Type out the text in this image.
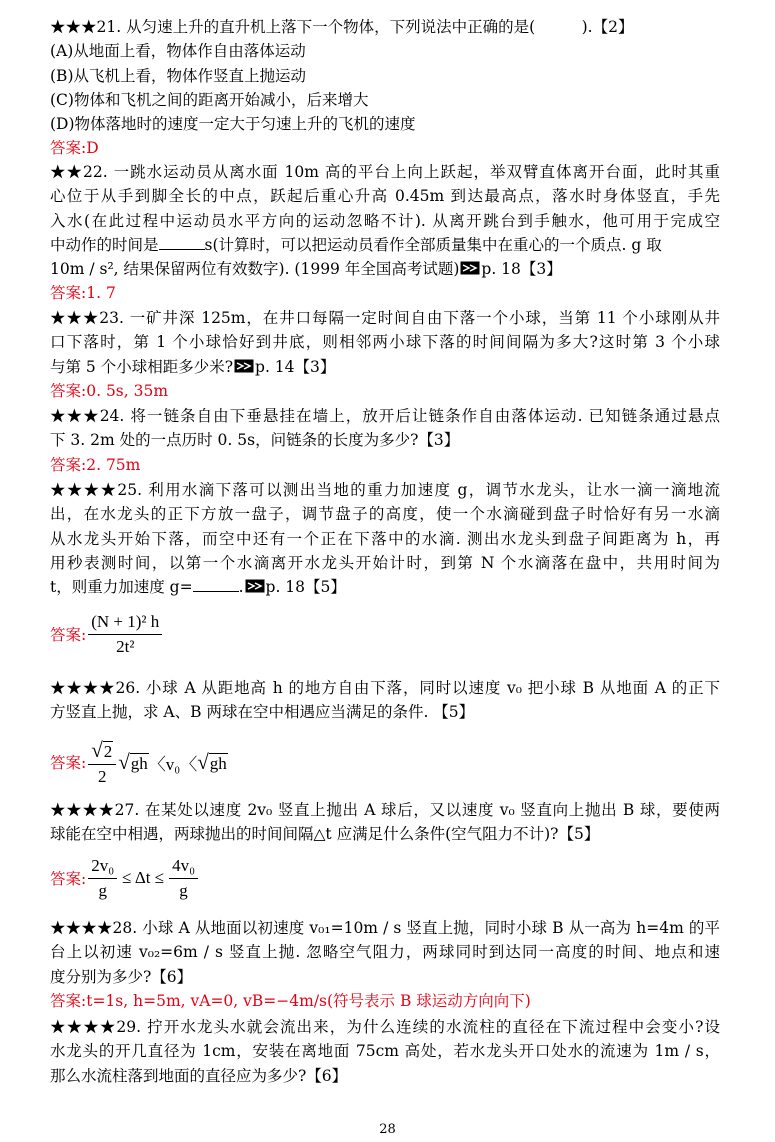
★★★21. 从匀速上升的直升机上落下一个物体，下列说法中正确的是(　　　).【2】
(A)从地面上看，物体作自由落体运动
(B)从飞机上看，物体作竖直上抛运动
(C)物体和飞机之间的距离开始减小，后来增大
(D)物体落地时的速度一定大于匀速上升的飞机的速度
答案:D
★★22. 一跳水运动员从离水面 10m 高的平台上向上跃起，举双臂直体离开台面，此时其重
心位于从手到脚全长的中点，跃起后重心升高 0.45m 到达最高点，落水时身体竖直，手先
入水(在此过程中运动员水平方向的运动忽略不计). 从离开跳台到手触水，他可用于完成空
中动作的时间是	s(计算时，可以把运动员看作全部质量集中在重心的一个质点. g 取
10m / s², 结果保留两位有效数字). (1999 年全国高考试题) p. 18【3】
答案:1. 7
★★★23. 一矿井深 125m，在井口每隔一定时间自由下落一个小球，当第 11 个小球刚从井
口下落时，第 1 个小球恰好到井底，则相邻两小球下落的时间间隔为多大?这时第 3 个小球
与第 5 个小球相距多少米? p. 14【3】
答案:0. 5s, 35m
★★★24. 将一链条自由下垂悬挂在墙上，放开后让链条作自由落体运动. 已知链条通过悬点
下 3. 2m 处的一点历时 0. 5s，问链条的长度为多少?【3】
答案:2. 75m
★★★★25. 利用水滴下落可以测出当地的重力加速度 g，调节水龙头，让水一滴一滴地流
出，在水龙头的正下方放一盘子，调节盘子的高度，使一个水滴碰到盘子时恰好有另一水滴
从水龙头开始下落，而空中还有一个正在下落中的水滴. 测出水龙头到盘子间距离为 h，再
用秒表测时间，以第一个水滴离开水龙头开始计时，到第 N 个水滴落在盘中，共用时间为
t，则重力加速度 g=	. p. 18【5】
答案: $\frac{\text{(N + 1)² h}}{\text{2t²}}$
★★★★26. 小球 A 从距地高 h 的地方自由下落，同时以速度 v₀ 把小球 B 从地面 A 的正下
方竖直上抛，求 A、B 两球在空中相遇应当满足的条件. 【5】
答案: $\frac{√2}{2} √gh$ 〈v₀〈 √gh
★★★★27. 在某处以速度 2v₀ 竖直上抛出 A 球后，又以速度 v₀ 竖直向上抛出 B 球，要使两
球能在空中相遇，两球抛出的时间间隔△t 应满足什么条件(空气阻力不计)?【5】
答案: $\frac{\text{2v₀}}{g} \le \Delta t \le \frac{\text{4v₀}}{g}$
★★★★28. 小球 A 从地面以初速度 v₀₁=10m / s 竖直上抛，同时小球 B 从一高为 h=4m 的平
台上以初速 v₀₂=6m / s 竖直上抛. 忽略空气阻力，两球同时到达同一高度的时间、地点和速
度分别为多少?【6】
答案:t=1s, h=5m, vA=0, vB=−4m/s(符号表示 B 球运动方向向下)
★★★★29. 拧开水龙头水就会流出来，为什么连续的水流柱的直径在下流过程中会变小?设
水龙头的开几直径为 1cm，安装在离地面 75cm 高处，若水龙头开口处水的流速为 1m / s，
那么水流柱落到地面的直径应为多少?【6】
28
